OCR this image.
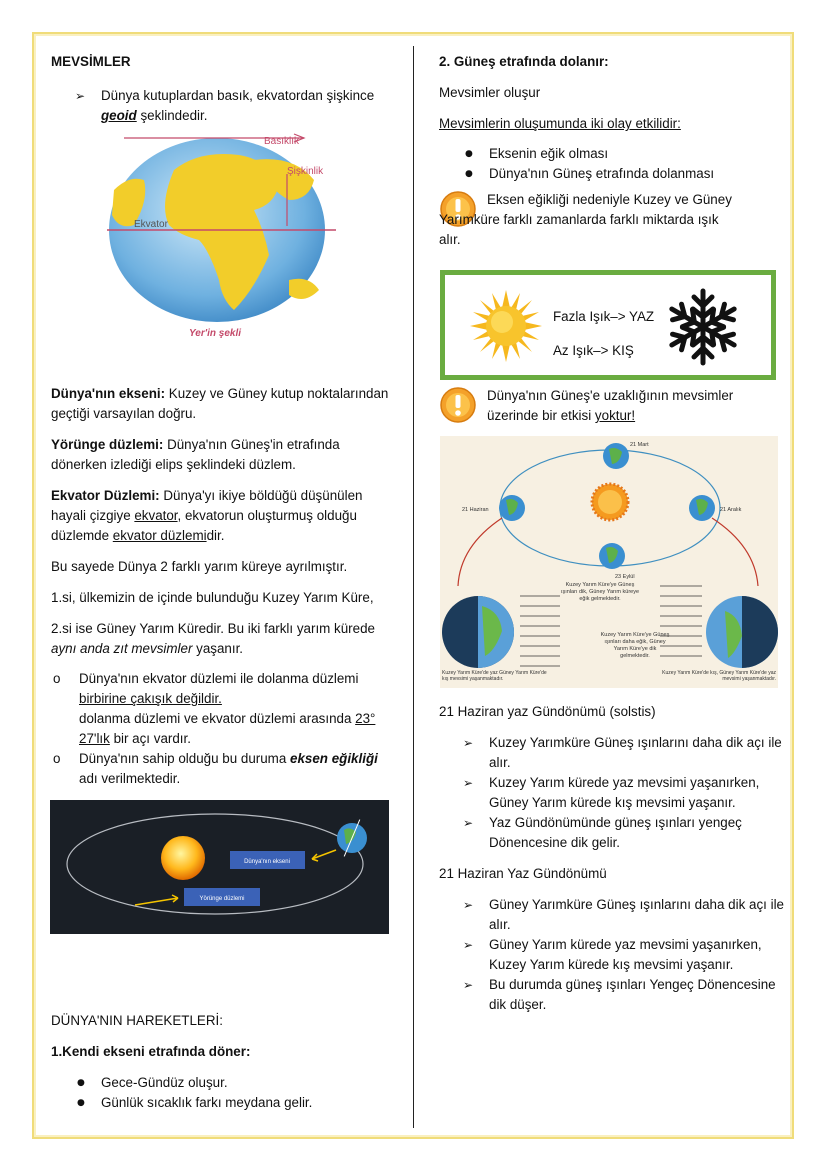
MEVSİMLER

➢ Dünya kutuplardan basık, ekvatordan şişkince geoid şeklindedir.
Basıklık
Şişkinlik
Ekvator
Yer'in şekli

Dünya'nın ekseni: Kuzey ve Güney kutup noktalarından geçtiği varsayılan doğru.

Yörünge düzlemi: Dünya'nın Güneş'in etrafında dönerken izlediği elips şeklindeki düzlem.

Ekvator Düzlemi: Dünya'yı ikiye böldüğü düşünülen hayali çizgiye ekvator, ekvatorun oluşturmuş olduğu düzlemde ekvator düzlemidir.

Bu sayede Dünya 2 farklı yarım küreye ayrılmıştır.

1.si, ülkemizin de içinde bulunduğu Kuzey Yarım Küre,

2.si ise Güney Yarım Küredir. Bu iki farklı yarım kürede aynı anda zıt mevsimler yaşanır.

o Dünya'nın ekvator düzlemi ile dolanma düzlemi birbirine çakışık değildir.
dolanma düzlemi ve ekvator düzlemi arasında 23° 27'lık bir açı vardır.
o Dünya'nın sahip olduğu bu duruma eksen eğikliği adı verilmektedir.
Dünya'nın ekseni
Yörünge düzlemi

DÜNYA'NIN HAREKETLERİ:

1.Kendi ekseni etrafında döner:

● Gece-Gündüz oluşur.
● Günlük sıcaklık farkı meydana gelir.

2. Güneş etrafında dolanır:

Mevsimler oluşur

Mevsimlerin oluşumunda iki olay etkilidir:

● Eksenin eğik olması
● Dünya'nın Güneş etrafında dolanması
Eksen eğikliği nedeniyle Kuzey ve Güney Yarımküre farklı zamanlarda farklı miktarda ışık alır.
Fazla Işık–> YAZ
Az Işık–> KIŞ
Dünya'nın Güneş'e uzaklığının mevsimler üzerinde bir etkisi yoktur!
21 Mart
21 Haziran	21 Aralık
23 Eylül
Kuzey Yarım Küre'ye Güneş ışınları dik, Güney Yarım küreye eğik gelmektedir.
Kuzey Yarım Küre'ye Güneş ışınları daha eğik, Güney Yarım Küre'ye dik gelmektedir.
Kuzey Yarım Küre'de yaz Güney Yarım Küre'de kış mevsimi yaşanmaktadır.
Kuzey Yarım Küre'de kış, Güney Yarım Küre'de yaz mevsimi yaşanmaktadır.

21 Haziran yaz Gündönümü (solstis)

➢ Kuzey Yarımküre Güneş ışınlarını daha dik açı ile alır.
➢ Kuzey Yarım kürede yaz mevsimi yaşanırken, Güney Yarım kürede kış mevsimi yaşanır.
➢ Yaz Gündönümünde güneş ışınları yengeç Dönencesine dik gelir.

21 Haziran Yaz Gündönümü

➢ Güney Yarımküre Güneş ışınlarını daha dik açı ile alır.
➢ Güney Yarım kürede yaz mevsimi yaşanırken, Kuzey Yarım kürede kış mevsimi yaşanır.
➢ Bu durumda güneş ışınları Yengeç Dönencesine dik düşer.
